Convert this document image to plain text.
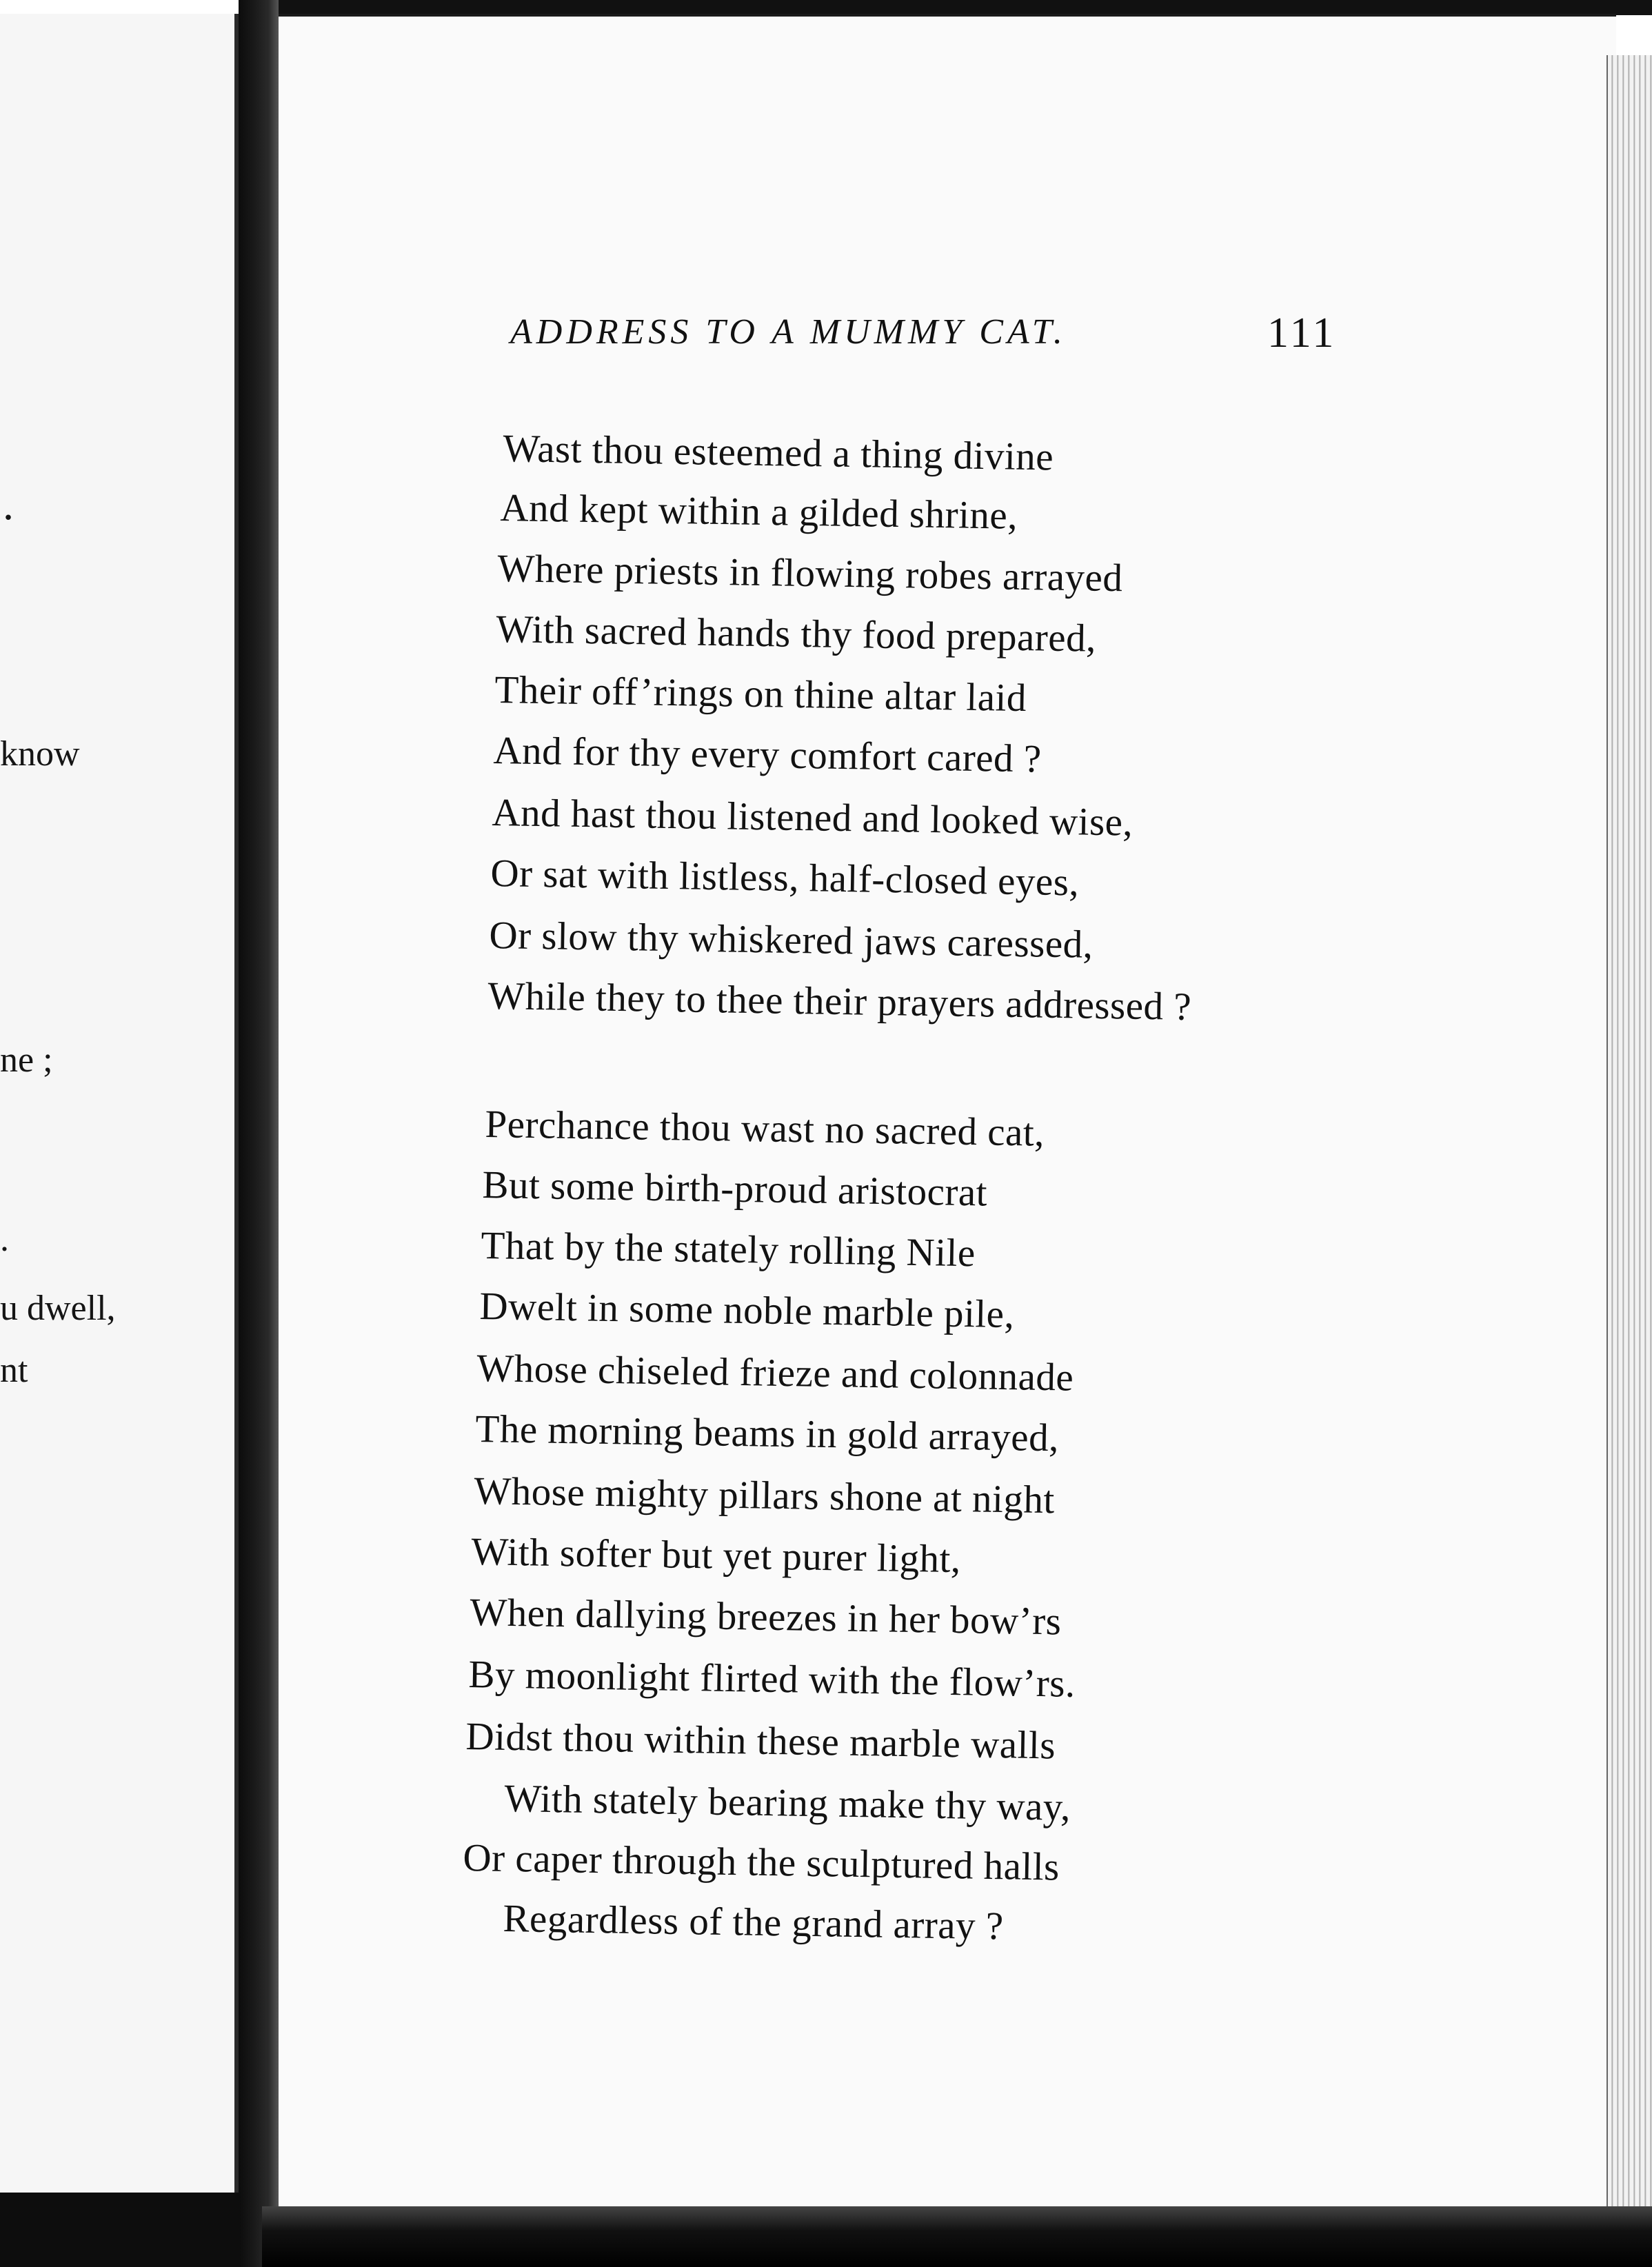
.
know
ne ;
.
u dwell,
nt
ADDRESS TO A MUMMY CAT.	111
Wast thou esteemed a thing divine
And kept within a gilded shrine,
Where priests in flowing robes arrayed
With sacred hands thy food prepared,
Their off’rings on thine altar laid
And for thy every comfort cared ?
And hast thou listened and looked wise,
Or sat with listless, half-closed eyes,
Or slow thy whiskered jaws caressed,
While they to thee their prayers addressed ?
Perchance thou wast no sacred cat,
But some birth-proud aristocrat
That by the stately rolling Nile
Dwelt in some noble marble pile,
Whose chiseled frieze and colonnade
The morning beams in gold arrayed,
Whose mighty pillars shone at night
With softer but yet purer light,
When dallying breezes in her bow’rs
By moonlight flirted with the flow’rs.
Didst thou within these marble walls
With stately bearing make thy way,
Or caper through the sculptured halls
Regardless of the grand array ?
